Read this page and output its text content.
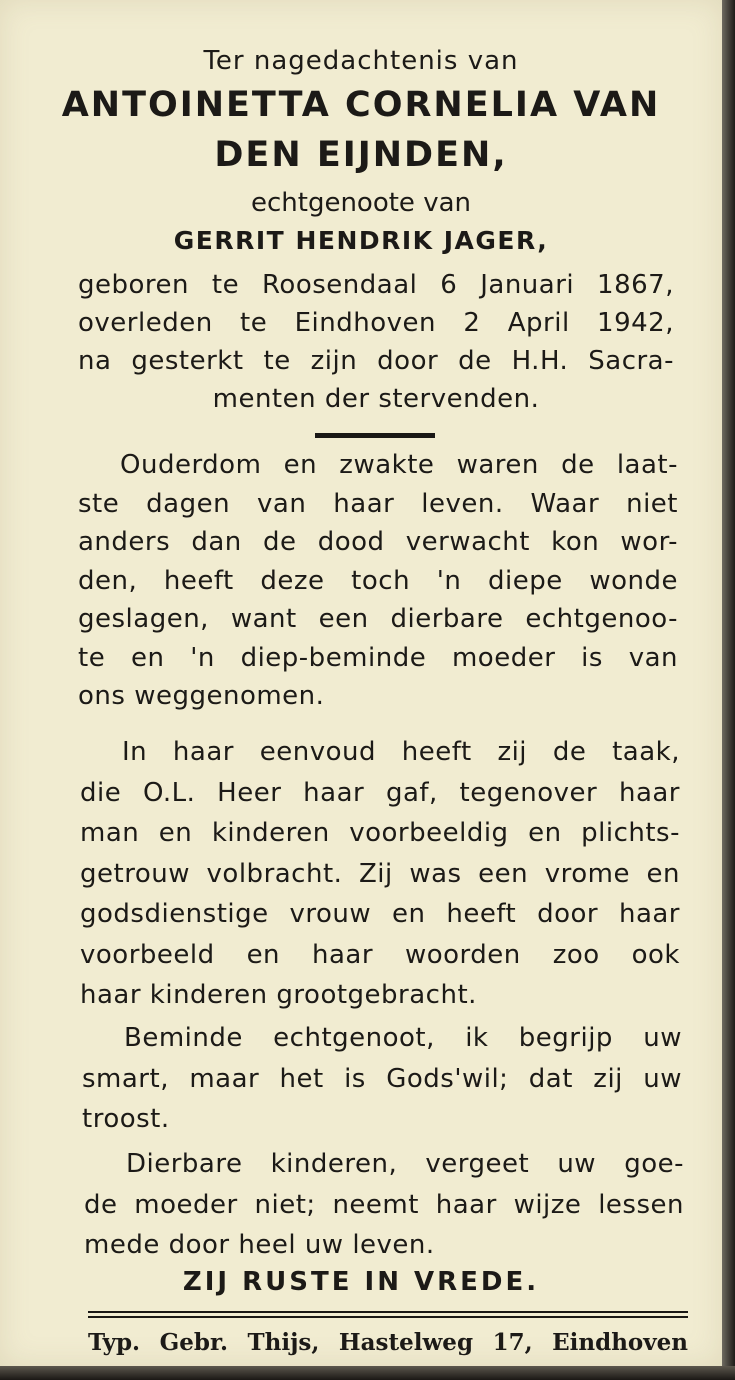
Ter nagedachtenis van
ANTOINETTA CORNELIA VAN
DEN EIJNDEN,
echtgenoote van
GERRIT HENDRIK JAGER,
geboren te Roosendaal 6 Januari 1867,
overleden te Eindhoven 2 April 1942,
na gesterkt te zijn door de H.H. Sacra-
menten der stervenden.
Ouderdom en zwakte waren de laat-
ste dagen van haar leven. Waar niet
anders dan de dood verwacht kon wor-
den, heeft deze toch 'n diepe wonde
geslagen, want een dierbare echtgenoo-
te en 'n diep-beminde moeder is van
ons weggenomen.
In haar eenvoud heeft zij de taak,
die O.L. Heer haar gaf, tegenover haar
man en kinderen voorbeeldig en plichts-
getrouw volbracht. Zij was een vrome en
godsdienstige vrouw en heeft door haar
voorbeeld en haar woorden zoo ook
haar kinderen grootgebracht.
Beminde echtgenoot, ik begrijp uw
smart, maar het is Gods'wil; dat zij uw
troost.
Dierbare kinderen, vergeet uw goe-
de moeder niet; neemt haar wijze lessen
mede door heel uw leven.
ZIJ RUSTE IN VREDE.
Typ. Gebr. Thijs, Hastelweg 17, Eindhoven
